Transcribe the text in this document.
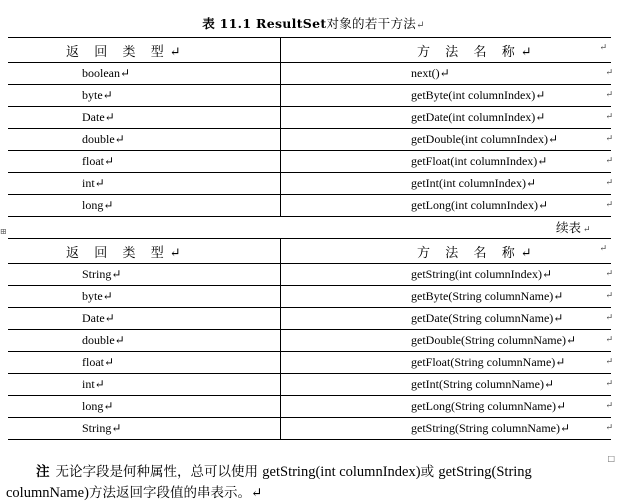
表 11.1 ResultSet对象的若干方法↵
返 回 类 型↵	方 法 名 称↵ ↵

boolean↵	next()↵ ↵

byte↵	getByte(int columnIndex)↵ ↵

Date↵	getDate(int columnIndex)↵ ↵

double↵	getDouble(int columnIndex)↵ ↵

float↵	getFloat(int columnIndex)↵ ↵

int↵	getInt(int columnIndex)↵ ↵

long↵	getLong(int columnIndex)↵ ↵
⊞	续表 ↵
返 回 类 型↵	方 法 名 称↵ ↵

String↵	getString(int columnIndex)↵ ↵

byte↵	getByte(String columnName)↵ ↵

Date↵	getDate(String columnName)↵ ↵

double↵	getDouble(String columnName)↵ ↵

float↵	getFloat(String columnName)↵ ↵

int↵	getInt(String columnName)↵ ↵

long↵	getLong(String columnName)↵ ↵

String↵	getString(String columnName)↵ ↵
□
注 无论字段是何种属性，总可以使用 getString(int columnIndex)或 getString(String columnName)方法返回字段值的串表示。↵
